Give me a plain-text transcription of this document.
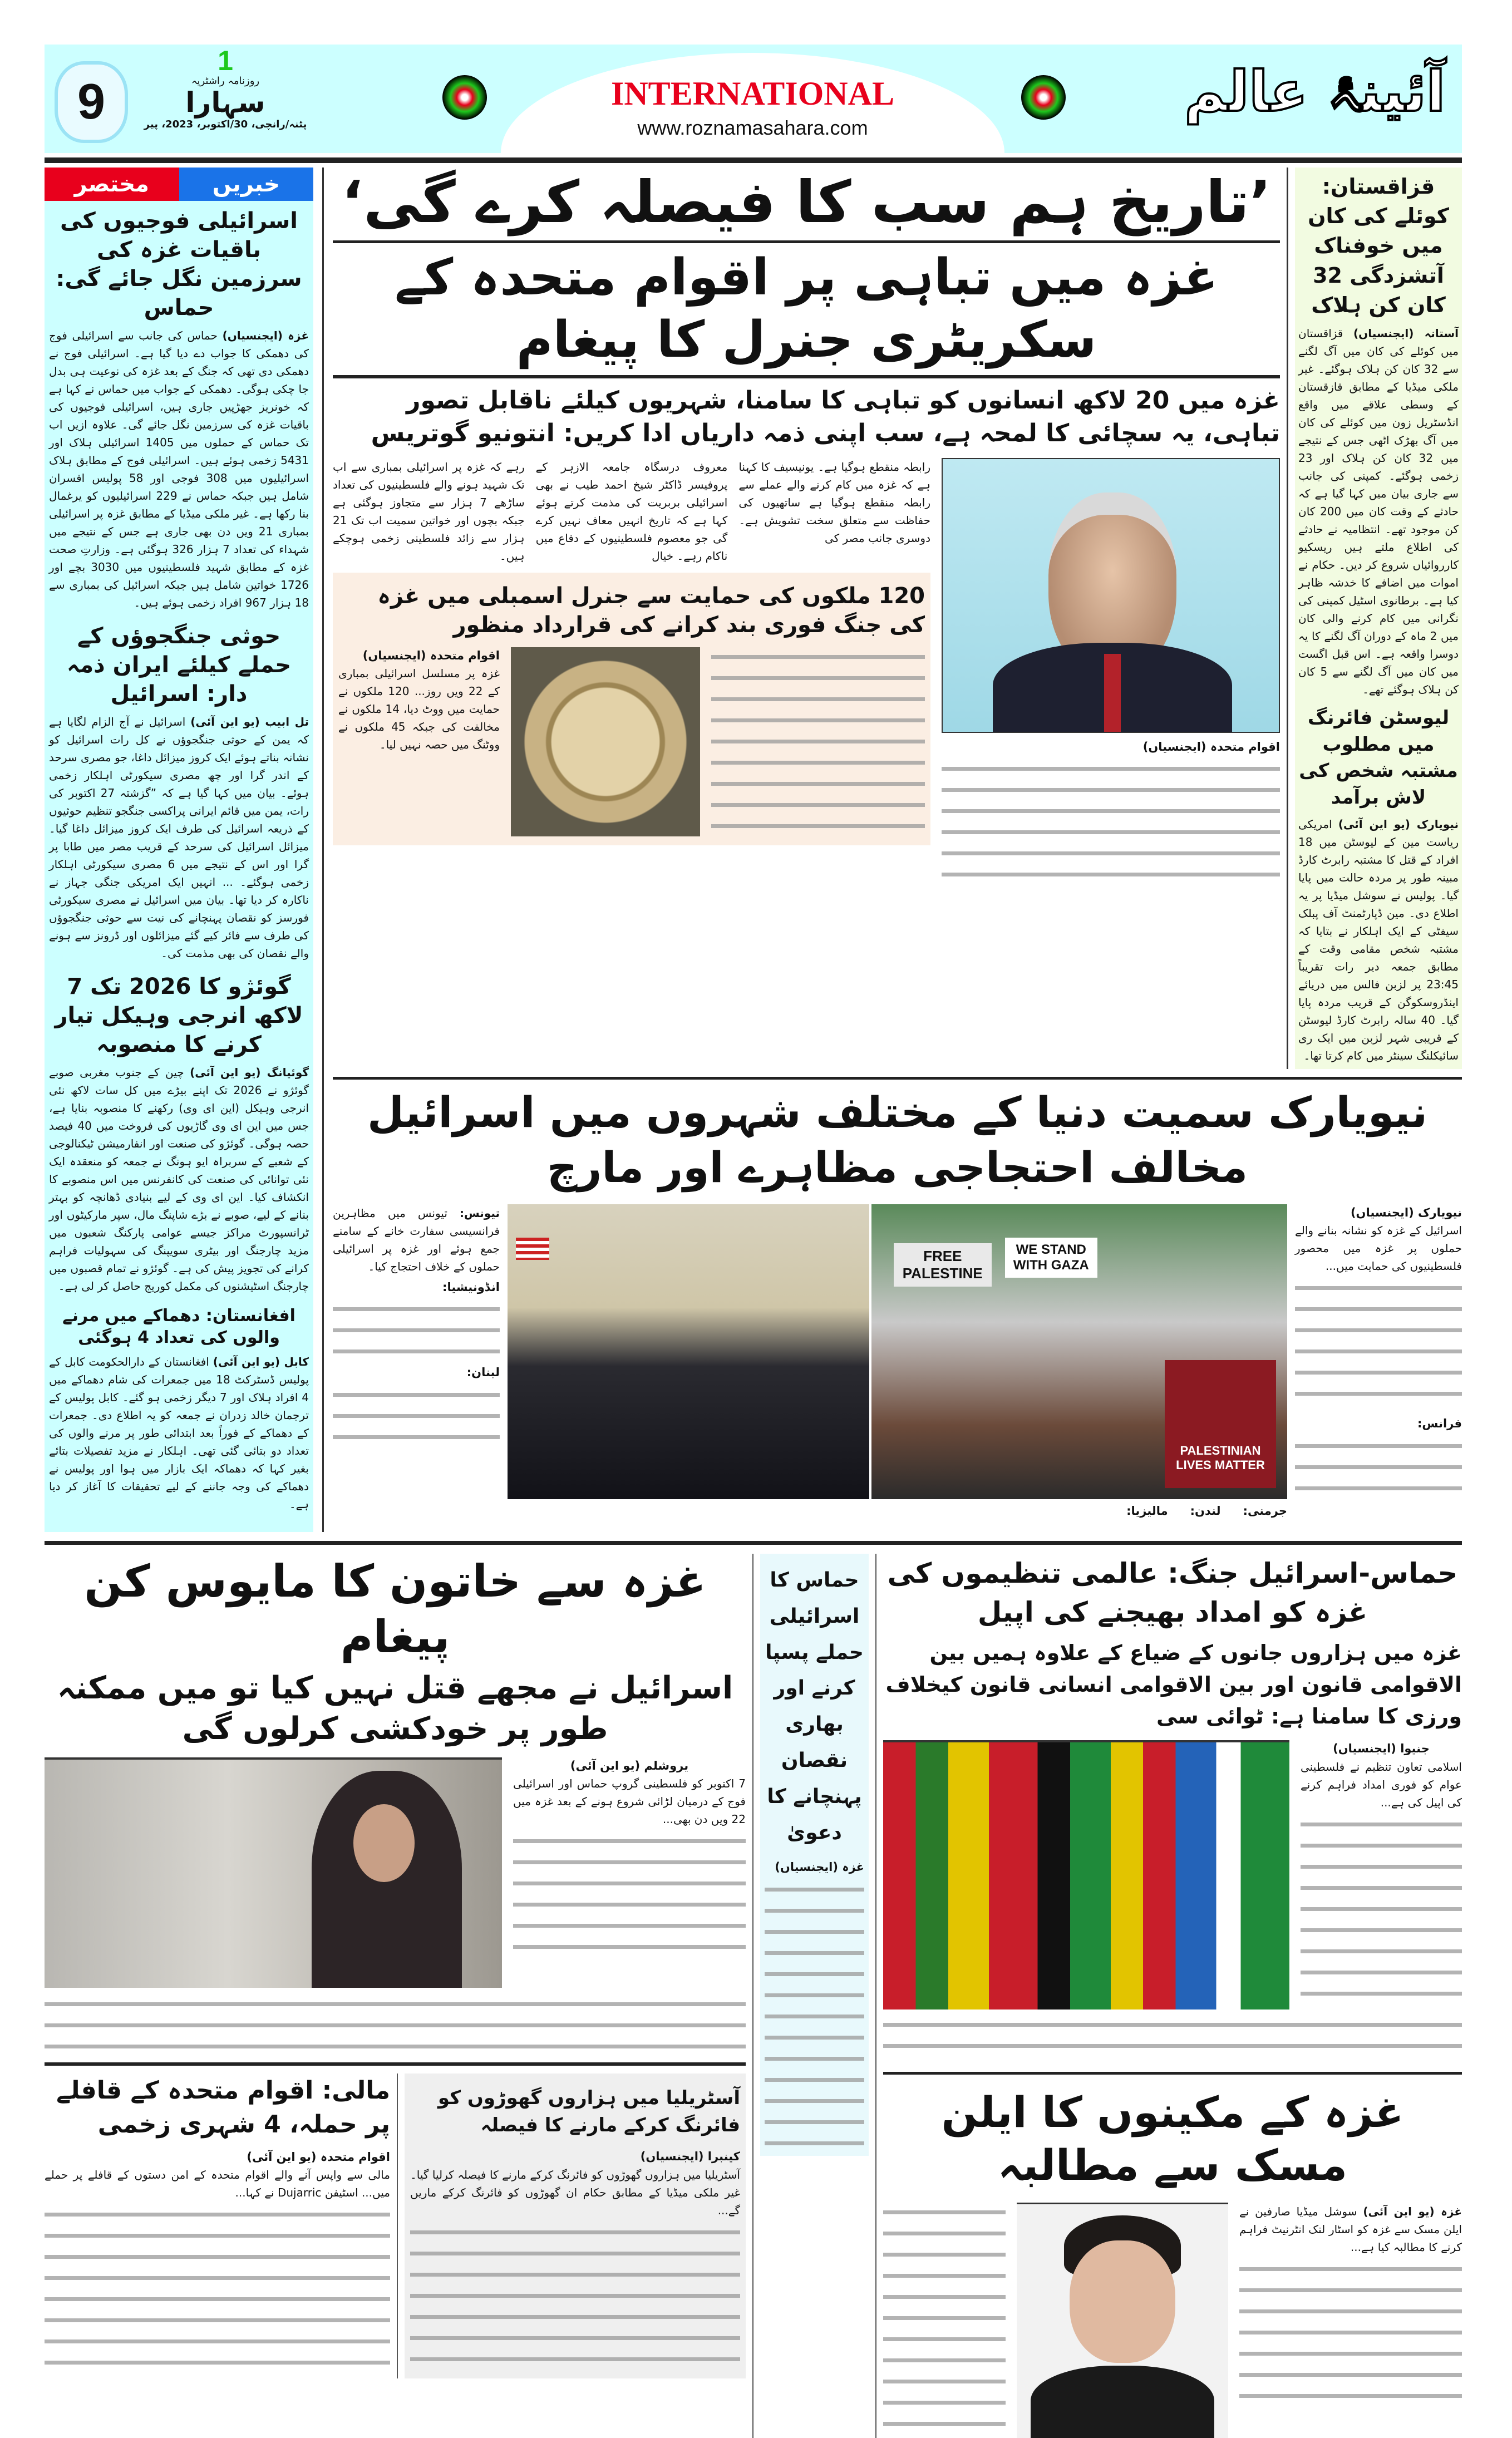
9
1
روزنامہ راشٹریہ
سہارا
پٹنہ/رانچی، 30/اکتوبر، 2023، پیر
INTERNATIONAL
www.roznamasahara.com
آئینۂ عالم
مختصر	خبریں
اسرائیلی فوجیوں کی باقیات غزہ کی سرزمین نگل جائے گی: حماس
غزہ (ایجنسیاں) حماس کی جانب سے اسرائیلی فوج کی دھمکی کا جواب دے دیا گیا ہے۔ اسرائیلی فوج نے دھمکی دی تھی کہ جنگ کے بعد غزہ کی نوعیت ہی بدل جا چکی ہوگی۔ دھمکی کے جواب میں حماس نے کہا ہے کہ خونریز جھڑپیں جاری ہیں، اسرائیلی فوجیوں کی باقیات غزہ کی سرزمین نگل جائے گی۔ علاوہ ازیں اب تک حماس کے حملوں میں 1405 اسرائیلی ہلاک اور 5431 زخمی ہوئے ہیں۔ اسرائیلی فوج کے مطابق ہلاک اسرائیلیوں میں 308 فوجی اور 58 پولیس افسران شامل ہیں جبکہ حماس نے 229 اسرائیلیوں کو یرغمال بنا رکھا ہے۔ غیر ملکی میڈیا کے مطابق غزہ پر اسرائیلی بمباری 21 ویں دن بھی جاری ہے جس کے نتیجے میں شہداء کی تعداد 7 ہزار 326 ہوگئی ہے۔ وزارتِ صحت غزہ کے مطابق شہید فلسطینیوں میں 3030 بچے اور 1726 خواتین شامل ہیں جبکہ اسرائیل کی بمباری سے 18 ہزار 967 افراد زخمی ہوئے ہیں۔
حوثی جنگجوؤں کے حملے کیلئے ایران ذمہ دار: اسرائیل
تل ابیب (یو این آئی) اسرائیل نے آج الزام لگایا ہے کہ یمن کے حوثی جنگجوؤں نے کل رات اسرائیل کو نشانہ بناتے ہوئے ایک کروز میزائل داغا، جو مصری سرحد کے اندر گرا اور چھ مصری سیکورٹی اہلکار زخمی ہوئے۔ بیان میں کہا گیا ہے کہ ”گزشتہ 27 اکتوبر کی رات، یمن میں قائم ایرانی پراکسی جنگجو تنظیم حوثیوں کے ذریعہ اسرائیل کی طرف ایک کروز میزائل داغا گیا۔ میزائل اسرائیل کی سرحد کے قریب مصر میں طابا پر گرا اور اس کے نتیجے میں 6 مصری سیکورٹی اہلکار زخمی ہوگئے۔ ... انہیں ایک امریکی جنگی جہاز نے ناکارہ کر دیا تھا۔ بیان میں اسرائیل نے مصری سیکورٹی فورسز کو نقصان پہنچانے کی نیت سے حوثی جنگجوؤں کی طرف سے فائر کیے گئے میزائلوں اور ڈرونز سے ہونے والے نقصان کی بھی مذمت کی۔
گوئژو کا 2026 تک 7 لاکھ انرجی وہیکل تیار کرنے کا منصوبہ
گوئیانگ (یو این آئی) چین کے جنوب مغربی صوبے گوئژو نے 2026 تک اپنے بیڑے میں کل سات لاکھ نئی انرجی وہیکل (این ای وی) رکھنے کا منصوبہ بنایا ہے، جس میں این ای وی گاڑیوں کی فروخت میں 40 فیصد حصہ ہوگی۔ گوئژو کی صنعت اور انفارمیشن ٹیکنالوجی کے شعبے کے سربراہ ایو ہونگ نے جمعہ کو منعقدہ ایک نئی توانائی کی صنعت کی کانفرنس میں اس منصوبے کا انکشاف کیا۔ این ای وی کے لیے بنیادی ڈھانچہ کو بہتر بنانے کے لیے، صوبے نے بڑے شاپنگ مال، سپر مارکیٹوں اور ٹرانسپورٹ مراکز جیسے عوامی پارکنگ شعبوں میں مزید چارجنگ اور بیٹری سویپنگ کی سہولیات فراہم کرانے کی تجویز پیش کی ہے۔ گوئژو نے تمام قصبوں میں چارجنگ اسٹیشنوں کی مکمل کوریج حاصل کر لی ہے۔
افغانستان: دھماکے میں مرنے والوں کی تعداد 4 ہوگئی
کابل (یو این آئی) افغانستان کے دارالحکومت کابل کے پولیس ڈسٹرکٹ 18 میں جمعرات کی شام دھماکے میں 4 افراد ہلاک اور 7 دیگر زخمی ہو گئے۔ کابل پولیس کے ترجمان خالد زدران نے جمعہ کو یہ اطلاع دی۔ جمعرات کے دھماکے کے فوراً بعد ابتدائی طور پر مرنے والوں کی تعداد دو بتائی گئی تھی۔ اہلکار نے مزید تفصیلات بتائے بغیر کہا کہ دھماکہ ایک بازار میں ہوا اور پولیس نے دھماکے کی وجہ جاننے کے لیے تحقیقات کا آغاز کر دیا ہے۔
’تاریخ ہم سب کا فیصلہ کرے گی‘
غزہ میں تباہی پر اقوام متحدہ کے سکریٹری جنرل کا پیغام
غزہ میں 20 لاکھ انسانوں کو تباہی کا سامنا، شہریوں کیلئے ناقابل تصور تباہی، یہ سچائی کا لمحہ ہے، سب اپنی ذمہ داریاں ادا کریں: انتونیو گوتریس
اقوام متحدہ (ایجنسیاں)
رابطہ منقطع ہوگیا ہے۔ یونیسیف کا کہنا ہے کہ غزہ میں کام کرنے والے عملے سے رابطہ منقطع ہوگیا ہے ساتھیوں کی حفاظت سے متعلق سخت تشویش ہے۔ دوسری جانب مصر کی
معروف درسگاہ جامعہ الازہر کے پروفیسر ڈاکٹر شیخ احمد طیب نے بھی اسرائیلی بربریت کی مذمت کرتے ہوئے کہا ہے کہ تاریخ انہیں معاف نہیں کرے گی جو معصوم فلسطینیوں کے دفاع میں ناکام رہے۔ خیال
رہے کہ غزہ پر اسرائیلی بمباری سے اب تک شہید ہونے والے فلسطینیوں کی تعداد ساڑھے 7 ہزار سے متجاوز ہوگئی ہے جبکہ بچوں اور خواتین سمیت اب تک 21 ہزار سے زائد فلسطینی زخمی ہوچکے ہیں۔
120 ملکوں کی حمایت سے جنرل اسمبلی میں غزہ کی جنگ فوری بند کرانے کی قرارداد منظور
اقوام متحدہ (ایجنسیاں)
غزہ پر مسلسل اسرائیلی بمباری کے 22 ویں روز... 120 ملکوں نے حمایت میں ووٹ دیا، 14 ملکوں نے مخالفت کی جبکہ 45 ملکوں نے ووٹنگ میں حصہ نہیں لیا۔
قزاقستان: کوئلے کی کان میں خوفناک آتشزدگی 32 کان کن ہلاک
آستانہ (ایجنسیاں) قزاقستان میں کوئلے کی کان میں آگ لگنے سے 32 کان کن ہلاک ہوگئے۔ غیر ملکی میڈیا کے مطابق قازقستان کے وسطی علاقے میں واقع انڈسٹریل زون میں کوئلے کی کان میں آگ بھڑک اٹھی جس کے نتیجے میں 32 کان کن ہلاک اور 23 زخمی ہوگئے۔ کمپنی کی جانب سے جاری بیان میں کہا گیا ہے کہ حادثے کے وقت کان میں 200 کان کن موجود تھے۔ انتظامیہ نے حادثے کی اطلاع ملتے ہیں ریسکیو کارروائیاں شروع کر دیں۔ حکام نے اموات میں اضافے کا خدشہ ظاہر کیا ہے۔ برطانوی اسٹیل کمپنی کی نگرانی میں کام کرنے والی کان میں 2 ماہ کے دوران آگ لگنے کا یہ دوسرا واقعہ ہے۔ اس قبل اگست میں کان میں آگ لگنے سے 5 کان کن ہلاک ہوگئے تھے۔
لیوسٹن فائرنگ میں مطلوب مشتبہ شخص کی لاش برآمد
نیویارک (یو این آئی) امریکی ریاست مین کے لیوسٹن میں 18 افراد کے قتل کا مشتبہ رابرٹ کارڈ مبینہ طور پر مردہ حالت میں پایا گیا۔ پولیس نے سوشل میڈیا پر یہ اطلاع دی۔ مین ڈپارٹمنٹ آف پبلک سیفٹی کے ایک اہلکار نے بتایا کہ مشتبہ شخص مقامی وقت کے مطابق جمعہ دیر رات تقریباً 23:45 پر لزبن فالس میں دریائے اینڈروسکوگن کے قریب مردہ پایا گیا۔ 40 سالہ رابرٹ کارڈ لیوسٹن کے قریبی شہر لزبن میں ایک ری سائیکلنگ سینٹر میں کام کرتا تھا۔
نیویارک سمیت دنیا کے مختلف شہروں میں اسرائیل مخالف احتجاجی مظاہرے اور مارچ
نیویارک (ایجنسیاں)
اسرائیل کے غزہ کو نشانہ بنانے والے حملوں پر غزہ میں محصور فلسطینیوں کی حمایت میں...
فرانس:
FREE PALESTINE
WE STAND WITH GAZA
PALESTINIAN LIVES MATTER
جرمنی:
لندن:
مالیزیا:
تیونس: تیونس میں مظاہرین فرانسیسی سفارت خانے کے سامنے جمع ہوئے اور غزہ پر اسرائیلی حملوں کے خلاف احتجاج کیا۔
انڈونیشیا:
لبنان:
غزہ سے خاتون کا مایوس کن پیغام
اسرائیل نے مجھے قتل نہیں کیا تو میں ممکنہ طور پر خودکشی کرلوں گی
یروشلم (یو این آئی)
7 اکتوبر کو فلسطینی گروپ حماس اور اسرائیلی فوج کے درمیان لڑائی شروع ہونے کے بعد غزہ میں 22 ویں دن بھی...
آسٹریلیا میں ہزاروں گھوڑوں کو فائرنگ کرکے مارنے کا فیصلہ
کینبرا (ایجنسیاں)
آسٹریلیا میں ہزاروں گھوڑوں کو فائرنگ کرکے مارنے کا فیصلہ کرلیا گیا۔ غیر ملکی میڈیا کے مطابق حکام ان گھوڑوں کو فائرنگ کرکے ماریں گے...
مالی: اقوام متحدہ کے قافلے پر حملہ، 4 شہری زخمی
اقوام متحدہ (یو این آئی)
مالی سے واپس آنے والے اقوام متحدہ کے امن دستوں کے قافلے پر حملے میں... اسٹیفن Dujarric نے کہا...
حماس کا اسرائیلی حملے پسپا کرنے اور بھاری نقصان پہنچانے کا دعویٰ
غزہ (ایجنسیاں)
حماس-اسرائیل جنگ: عالمی تنظیموں کی غزہ کو امداد بھیجنے کی اپیل
غزہ میں ہزاروں جانوں کے ضیاع کے علاوہ ہمیں بین الاقوامی قانون اور بین الاقوامی انسانی قانون کیخلاف ورزی کا سامنا ہے: ٹوائی سی
جنیوا (ایجنسیاں)
اسلامی تعاون تنظیم نے فلسطینی عوام کو فوری امداد فراہم کرنے کی اپیل کی ہے...
غزہ کے مکینوں کا ایلن مسک سے مطالبہ
غزہ (یو این آئی) سوشل میڈیا صارفین نے ایلن مسک سے غزہ کو اسٹار لنک انٹرنیٹ فراہم کرنے کا مطالبہ کیا ہے...
